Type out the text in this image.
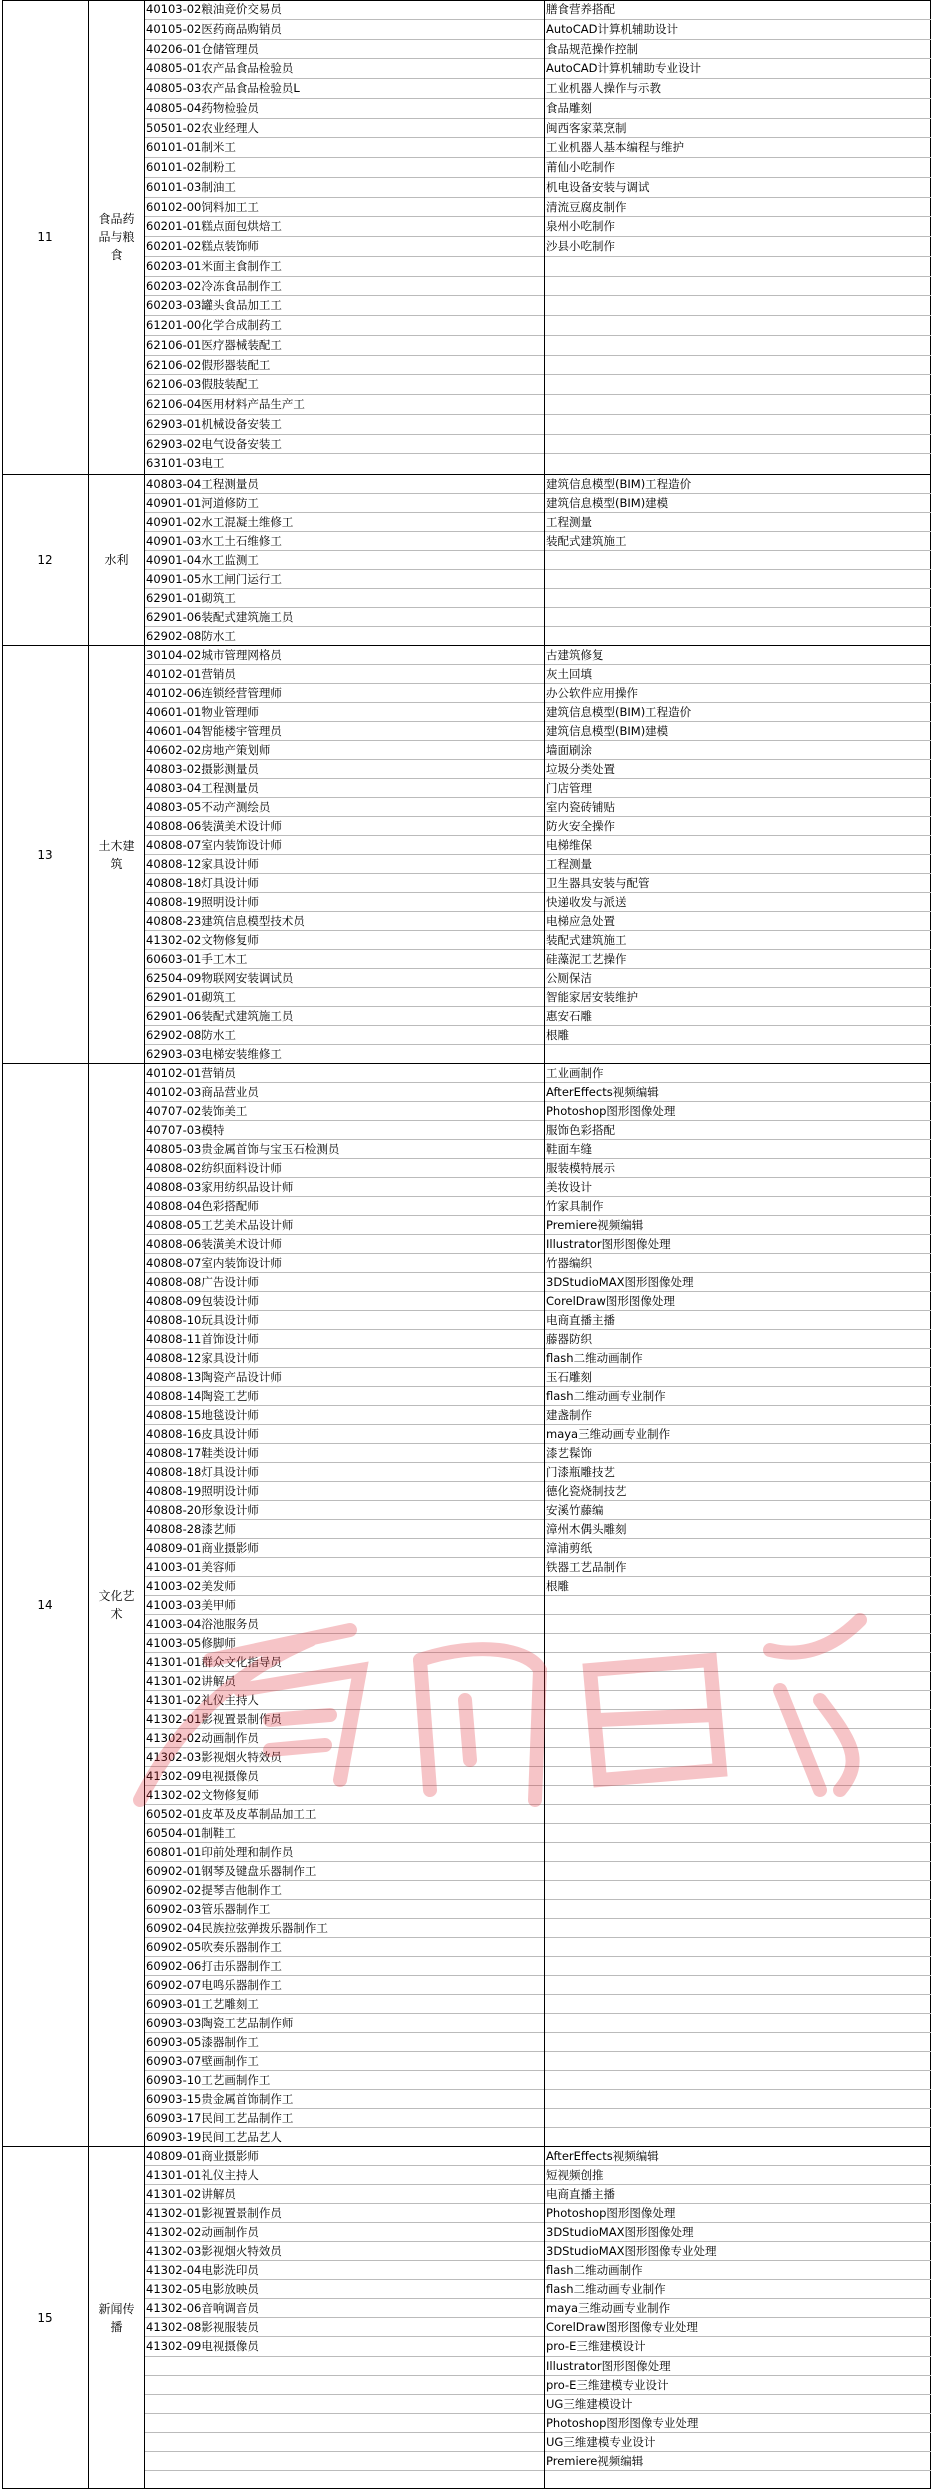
11
食品药品与粮食
40103-02粮油竞价交易员
40105-02医药商品购销员
40206-01仓储管理员
40805-01农产品食品检验员
40805-03农产品食品检验员L
40805-04药物检验员
50501-02农业经理人
60101-01制米工
60101-02制粉工
60101-03制油工
60102-00饲料加工工
60201-01糕点面包烘焙工
60201-02糕点装饰师
60203-01米面主食制作工
60203-02冷冻食品制作工
60203-03罐头食品加工工
61201-00化学合成制药工
62106-01医疗器械装配工
62106-02假形器装配工
62106-03假肢装配工
62106-04医用材料产品生产工
62903-01机械设备安装工
62903-02电气设备安装工
63101-03电工
膳食营养搭配
AutoCAD计算机辅助设计
食品规范操作控制
AutoCAD计算机辅助专业设计
工业机器人操作与示教
食品雕刻
闽西客家菜烹制
工业机器人基本编程与维护
莆仙小吃制作
机电设备安装与调试
清流豆腐皮制作
泉州小吃制作
沙县小吃制作
12	水利
40803-04工程测量员
40901-01河道修防工
40901-02水工混凝土维修工
40901-03水工土石维修工
40901-04水工监测工
40901-05水工闸门运行工
62901-01砌筑工
62901-06装配式建筑施工员
62902-08防水工
建筑信息模型(BIM)工程造价
建筑信息模型(BIM)建模
工程测量
装配式建筑施工
13
土木建筑
30104-02城市管理网格员
40102-01营销员
40102-06连锁经营管理师
40601-01物业管理师
40601-04智能楼宇管理员
40602-02房地产策划师
40803-02摄影测量员
40803-04工程测量员
40803-05不动产测绘员
40808-06装潢美术设计师
40808-07室内装饰设计师
40808-12家具设计师
40808-18灯具设计师
40808-19照明设计师
40808-23建筑信息模型技术员
41302-02文物修复师
60603-01手工木工
62504-09物联网安装调试员
62901-01砌筑工
62901-06装配式建筑施工员
62902-08防水工
62903-03电梯安装维修工
古建筑修复
灰土回填
办公软件应用操作
建筑信息模型(BIM)工程造价
建筑信息模型(BIM)建模
墙面刷涂
垃圾分类处置
门店管理
室内瓷砖铺贴
防火安全操作
电梯维保
工程测量
卫生器具安装与配管
快递收发与派送
电梯应急处置
装配式建筑施工
硅藻泥工艺操作
公厕保洁
智能家居安装维护
惠安石雕
根雕
14
文化艺术
40102-01营销员
40102-03商品营业员
40707-02装饰美工
40707-03模特
40805-03贵金属首饰与宝玉石检测员
40808-02纺织面料设计师
40808-03家用纺织品设计师
40808-04色彩搭配师
40808-05工艺美术品设计师
40808-06装潢美术设计师
40808-07室内装饰设计师
40808-08广告设计师
40808-09包装设计师
40808-10玩具设计师
40808-11首饰设计师
40808-12家具设计师
40808-13陶瓷产品设计师
40808-14陶瓷工艺师
40808-15地毯设计师
40808-16皮具设计师
40808-17鞋类设计师
40808-18灯具设计师
40808-19照明设计师
40808-20形象设计师
40808-28漆艺师
40809-01商业摄影师
41003-01美容师
41003-02美发师
41003-03美甲师
41003-04浴池服务员
41003-05修脚师
41301-01群众文化指导员
41301-02讲解员
41301-02礼仪主持人
41302-01影视置景制作员
41302-02动画制作员
41302-03影视烟火特效员
41302-09电视摄像员
41302-02文物修复师
60502-01皮革及皮革制品加工工
60504-01制鞋工
60801-01印前处理和制作员
60902-01钢琴及键盘乐器制作工
60902-02提琴吉他制作工
60902-03管乐器制作工
60902-04民族拉弦弹拨乐器制作工
60902-05吹奏乐器制作工
60902-06打击乐器制作工
60902-07电鸣乐器制作工
60903-01工艺雕刻工
60903-03陶瓷工艺品制作师
60903-05漆器制作工
60903-07壁画制作工
60903-10工艺画制作工
60903-15贵金属首饰制作工
60903-17民间工艺品制作工
60903-19民间工艺品艺人
工业画制作
AfterEffects视频编辑
Photoshop图形图像处理
服饰色彩搭配
鞋面车缝
服装模特展示
美妆设计
竹家具制作
Premiere视频编辑
Illustrator图形图像处理
竹器编织
3DStudioMAX图形图像处理
CorelDraw图形图像处理
电商直播主播
藤器防织
flash二维动画制作
玉石雕刻
flash二维动画专业制作
建盏制作
maya三维动画专业制作
漆艺髹饰
门漆瓶雕技艺
德化瓷烧制技艺
安溪竹藤编
漳州木偶头雕刻
漳浦剪纸
铁器工艺品制作
根雕
15
新闻传播
40809-01商业摄影师
41301-01礼仪主持人
41301-02讲解员
41302-01影视置景制作员
41302-02动画制作员
41302-03影视烟火特效员
41302-04电影洗印员
41302-05电影放映员
41302-06音响调音员
41302-08影视服装员
41302-09电视摄像员
AfterEffects视频编辑
短视频创推
电商直播主播
Photoshop图形图像处理
3DStudioMAX图形图像处理
3DStudioMAX图形图像专业处理
flash二维动画制作
flash二维动画专业制作
maya三维动画专业制作
CorelDraw图形图像专业处理
pro-E三维建模设计
Illustrator图形图像处理
pro-E三维建模专业设计
UG三维建模设计
Photoshop图形图像专业处理
UG三维建模专业设计
Premiere视频编辑
